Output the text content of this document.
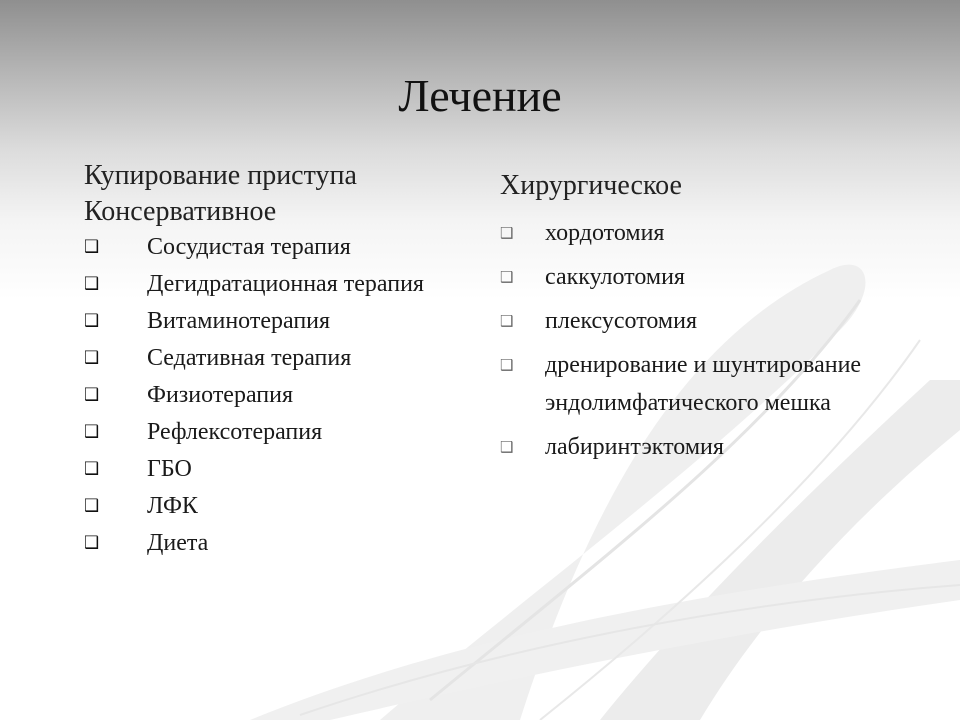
Лечение
Купирование приступа
Консервативное
❑ Сосудистая терапия
❑ Дегидратационная терапия
❑ Витаминотерапия
❑ Седативная терапия
❑ Физиотерапия
❑ Рефлексотерапия
❑ ГБО
❑ ЛФК
❑ Диета
Хирургическое
❑ хордотомия
❑ саккулотомия
❑ плексусотомия
❑ дренирование и шунтирование эндолимфатического мешка
❑ лабиринтэктомия
